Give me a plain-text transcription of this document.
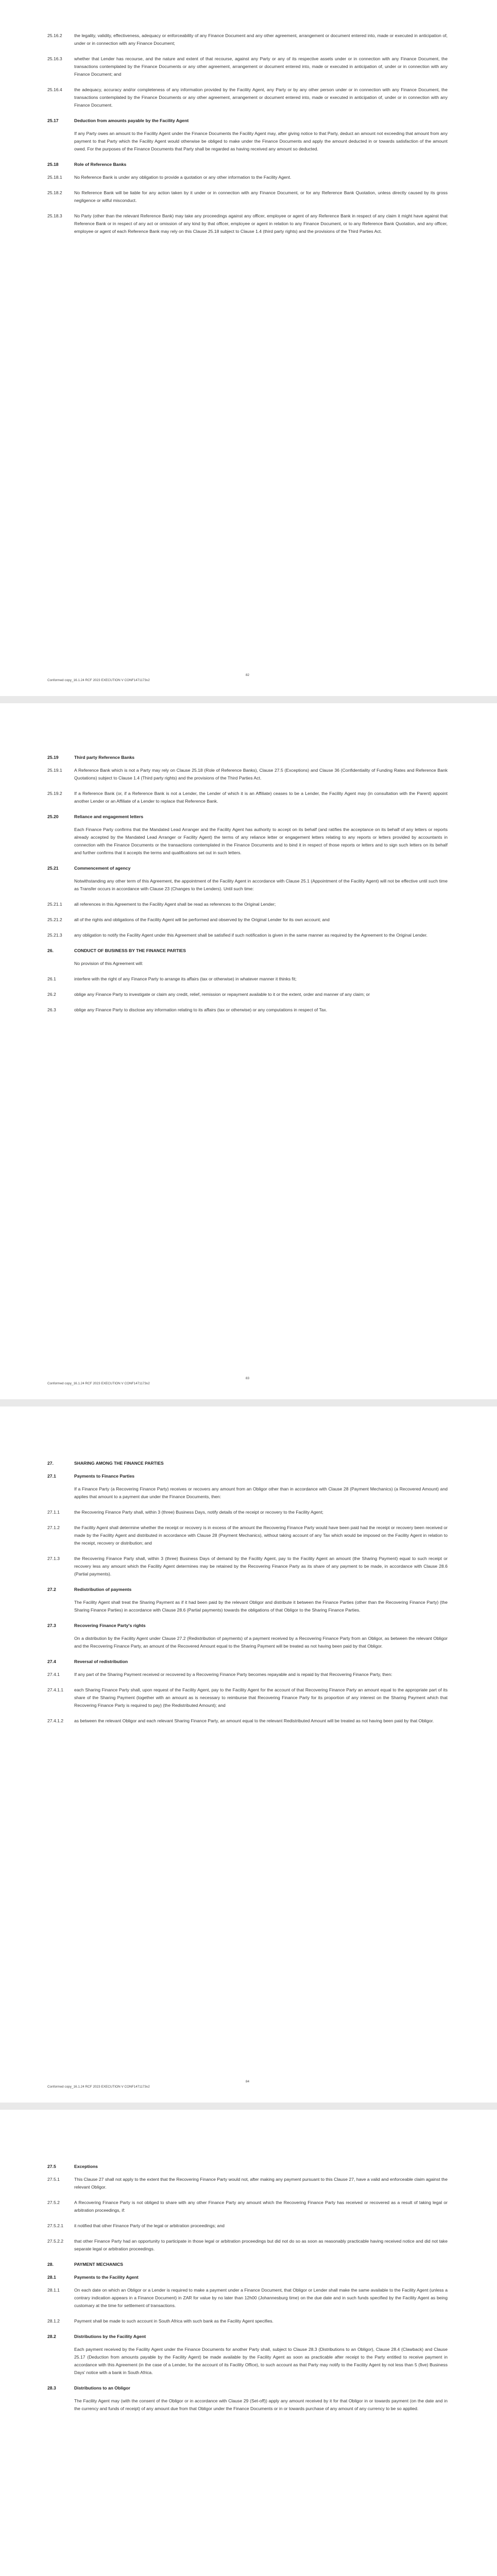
25.16.2	the legality, validity, effectiveness, adequacy or enforceability of any Finance Document and any other agreement, arrangement or document entered into, made or executed in anticipation of, under or in connection with any Finance Document;
25.16.3	whether that Lender has recourse, and the nature and extent of that recourse, against any Party or any of its respective assets under or in connection with any Finance Document, the transactions contemplated by the Finance Documents or any other agreement, arrangement or document entered into, made or executed in anticipation of, under or in connection with any Finance Document; and
25.16.4	the adequacy, accuracy and/or completeness of any information provided by the Facility Agent, any Party or by any other person under or in connection with any Finance Document, the transactions contemplated by the Finance Documents or any other agreement, arrangement or document entered into, made or executed in anticipation of, under or in connection with any Finance Document.
25.17	Deduction from amounts payable by the Facility Agent
If any Party owes an amount to the Facility Agent under the Finance Documents the Facility Agent may, after giving notice to that Party, deduct an amount not exceeding that amount from any payment to that Party which the Facility Agent would otherwise be obliged to make under the Finance Documents and apply the amount deducted in or towards satisfaction of the amount owed. For the purposes of the Finance Documents that Party shall be regarded as having received any amount so deducted.
25.18	Role of Reference Banks
25.18.1	No Reference Bank is under any obligation to provide a quotation or any other information to the Facility Agent.
25.18.2	No Reference Bank will be liable for any action taken by it under or in connection with any Finance Document, or for any Reference Bank Quotation, unless directly caused by its gross negligence or wilful misconduct.
25.18.3	No Party (other than the relevant Reference Bank) may take any proceedings against any officer, employee or agent of any Reference Bank in respect of any claim it might have against that Reference Bank or in respect of any act or omission of any kind by that officer, employee or agent in relation to any Finance Document, or to any Reference Bank Quotation, and any officer, employee or agent of each Reference Bank may rely on this Clause 25.18 subject to Clause 1.4 (third party rights) and the provisions of the Third Parties Act.
82
Conformed copy_16.1.24 RCF 2023 EXECUTION V CONF1471173v2
25.19	Third party Reference Banks
25.19.1	A Reference Bank which is not a Party may rely on Clause 25.18 (Role of Reference Banks), Clause 27.5 (Exceptions) and Clause 36 (Confidentiality of Funding Rates and Reference Bank Quotations) subject to Clause 1.4 (Third party rights) and the provisions of the Third Parties Act.
25.19.2	If a Reference Bank (or, if a Reference Bank is not a Lender, the Lender of which it is an Affiliate) ceases to be a Lender, the Facility Agent may (in consultation with the Parent) appoint another Lender or an Affiliate of a Lender to replace that Reference Bank.
25.20	Reliance and engagement letters
Each Finance Party confirms that the Mandated Lead Arranger and the Facility Agent has authority to accept on its behalf (and ratifies the acceptance on its behalf of any letters or reports already accepted by the Mandated Lead Arranger or Facility Agent) the terms of any reliance letter or engagement letters relating to any reports or letters provided by accountants in connection with the Finance Documents or the transactions contemplated in the Finance Documents and to bind it in respect of those reports or letters and to sign such letters on its behalf and further confirms that it accepts the terms and qualifications set out in such letters.
25.21	Commencement of agency
Notwithstanding any other term of this Agreement, the appointment of the Facility Agent in accordance with Clause 25.1 (Appointment of the Facility Agent) will not be effective until such time as Transfer occurs in accordance with Clause 23 (Changes to the Lenders). Until such time:
25.21.1	all references in this Agreement to the Facility Agent shall be read as references to the Original Lender;
25.21.2	all of the rights and obligations of the Facility Agent will be performed and observed by the Original Lender for its own account; and
25.21.3	any obligation to notify the Facility Agent under this Agreement shall be satisfied if such notification is given in the same manner as required by the Agreement to the Original Lender.
26.	CONDUCT OF BUSINESS BY THE FINANCE PARTIES
No provision of this Agreement will:
26.1	interfere with the right of any Finance Party to arrange its affairs (tax or otherwise) in whatever manner it thinks fit;
26.2	oblige any Finance Party to investigate or claim any credit, relief, remission or repayment available to it or the extent, order and manner of any claim; or
26.3	oblige any Finance Party to disclose any information relating to its affairs (tax or otherwise) or any computations in respect of Tax.
83
Conformed copy_16.1.24 RCF 2023 EXECUTION V CONF1471173v2
27.	SHARING AMONG THE FINANCE PARTIES
27.1	Payments to Finance Parties
If a Finance Party (a Recovering Finance Party) receives or recovers any amount from an Obligor other than in accordance with Clause 28 (Payment Mechanics) (a Recovered Amount) and applies that amount to a payment due under the Finance Documents, then:
27.1.1	the Recovering Finance Party shall, within 3 (three) Business Days, notify details of the receipt or recovery to the Facility Agent;
27.1.2	the Facility Agent shall determine whether the receipt or recovery is in excess of the amount the Recovering Finance Party would have been paid had the receipt or recovery been received or made by the Facility Agent and distributed in accordance with Clause 28 (Payment Mechanics), without taking account of any Tax which would be imposed on the Facility Agent in relation to the receipt, recovery or distribution; and
27.1.3	the Recovering Finance Party shall, within 3 (three) Business Days of demand by the Facility Agent, pay to the Facility Agent an amount (the Sharing Payment) equal to such receipt or recovery less any amount which the Facility Agent determines may be retained by the Recovering Finance Party as its share of any payment to be made, in accordance with Clause 28.6 (Partial payments).
27.2	Redistribution of payments
The Facility Agent shall treat the Sharing Payment as if it had been paid by the relevant Obligor and distribute it between the Finance Parties (other than the Recovering Finance Party) (the Sharing Finance Parties) in accordance with Clause 28.6 (Partial payments) towards the obligations of that Obligor to the Sharing Finance Parties.
27.3	Recovering Finance Party's rights
On a distribution by the Facility Agent under Clause 27.2 (Redistribution of payments) of a payment received by a Recovering Finance Party from an Obligor, as between the relevant Obligor and the Recovering Finance Party, an amount of the Recovered Amount equal to the Sharing Payment will be treated as not having been paid by that Obligor.
27.4	Reversal of redistribution
27.4.1	If any part of the Sharing Payment received or recovered by a Recovering Finance Party becomes repayable and is repaid by that Recovering Finance Party, then:
27.4.1.1	each Sharing Finance Party shall, upon request of the Facility Agent, pay to the Facility Agent for the account of that Recovering Finance Party an amount equal to the appropriate part of its share of the Sharing Payment (together with an amount as is necessary to reimburse that Recovering Finance Party for its proportion of any interest on the Sharing Payment which that Recovering Finance Party is required to pay) (the Redistributed Amount); and
27.4.1.2	as between the relevant Obligor and each relevant Sharing Finance Party, an amount equal to the relevant Redistributed Amount will be treated as not having been paid by that Obligor.
84
Conformed copy_16.1.24 RCF 2023 EXECUTION V CONF1471173v2
27.5	Exceptions
27.5.1	This Clause 27 shall not apply to the extent that the Recovering Finance Party would not, after making any payment pursuant to this Clause 27, have a valid and enforceable claim against the relevant Obligor.
27.5.2	A Recovering Finance Party is not obliged to share with any other Finance Party any amount which the Recovering Finance Party has received or recovered as a result of taking legal or arbitration proceedings, if:
27.5.2.1	it notified that other Finance Party of the legal or arbitration proceedings; and
27.5.2.2	that other Finance Party had an opportunity to participate in those legal or arbitration proceedings but did not do so as soon as reasonably practicable having received notice and did not take separate legal or arbitration proceedings.
28.	PAYMENT MECHANICS
28.1	Payments to the Facility Agent
28.1.1	On each date on which an Obligor or a Lender is required to make a payment under a Finance Document, that Obligor or Lender shall make the same available to the Facility Agent (unless a contrary indication appears in a Finance Document) in ZAR for value by no later than 12h00 (Johannesburg time) on the due date and in such funds specified by the Facility Agent as being customary at the time for settlement of transactions.
28.1.2	Payment shall be made to such account in South Africa with such bank as the Facility Agent specifies.
28.2	Distributions by the Facility Agent
Each payment received by the Facility Agent under the Finance Documents for another Party shall, subject to Clause 28.3 (Distributions to an Obligor), Clause 28.4 (Clawback) and Clause 25.17 (Deduction from amounts payable by the Facility Agent) be made available by the Facility Agent as soon as practicable after receipt to the Party entitled to receive payment in accordance with this Agreement (in the case of a Lender, for the account of its Facility Office), to such account as that Party may notify to the Facility Agent by not less than 5 (five) Business Days' notice with a bank in South Africa.
28.3	Distributions to an Obligor
The Facility Agent may (with the consent of the Obligor or in accordance with Clause 29 (Set-off)) apply any amount received by it for that Obligor in or towards payment (on the date and in the currency and funds of receipt) of any amount due from that Obligor under the Finance Documents or in or towards purchase of any amount of any currency to be so applied.
